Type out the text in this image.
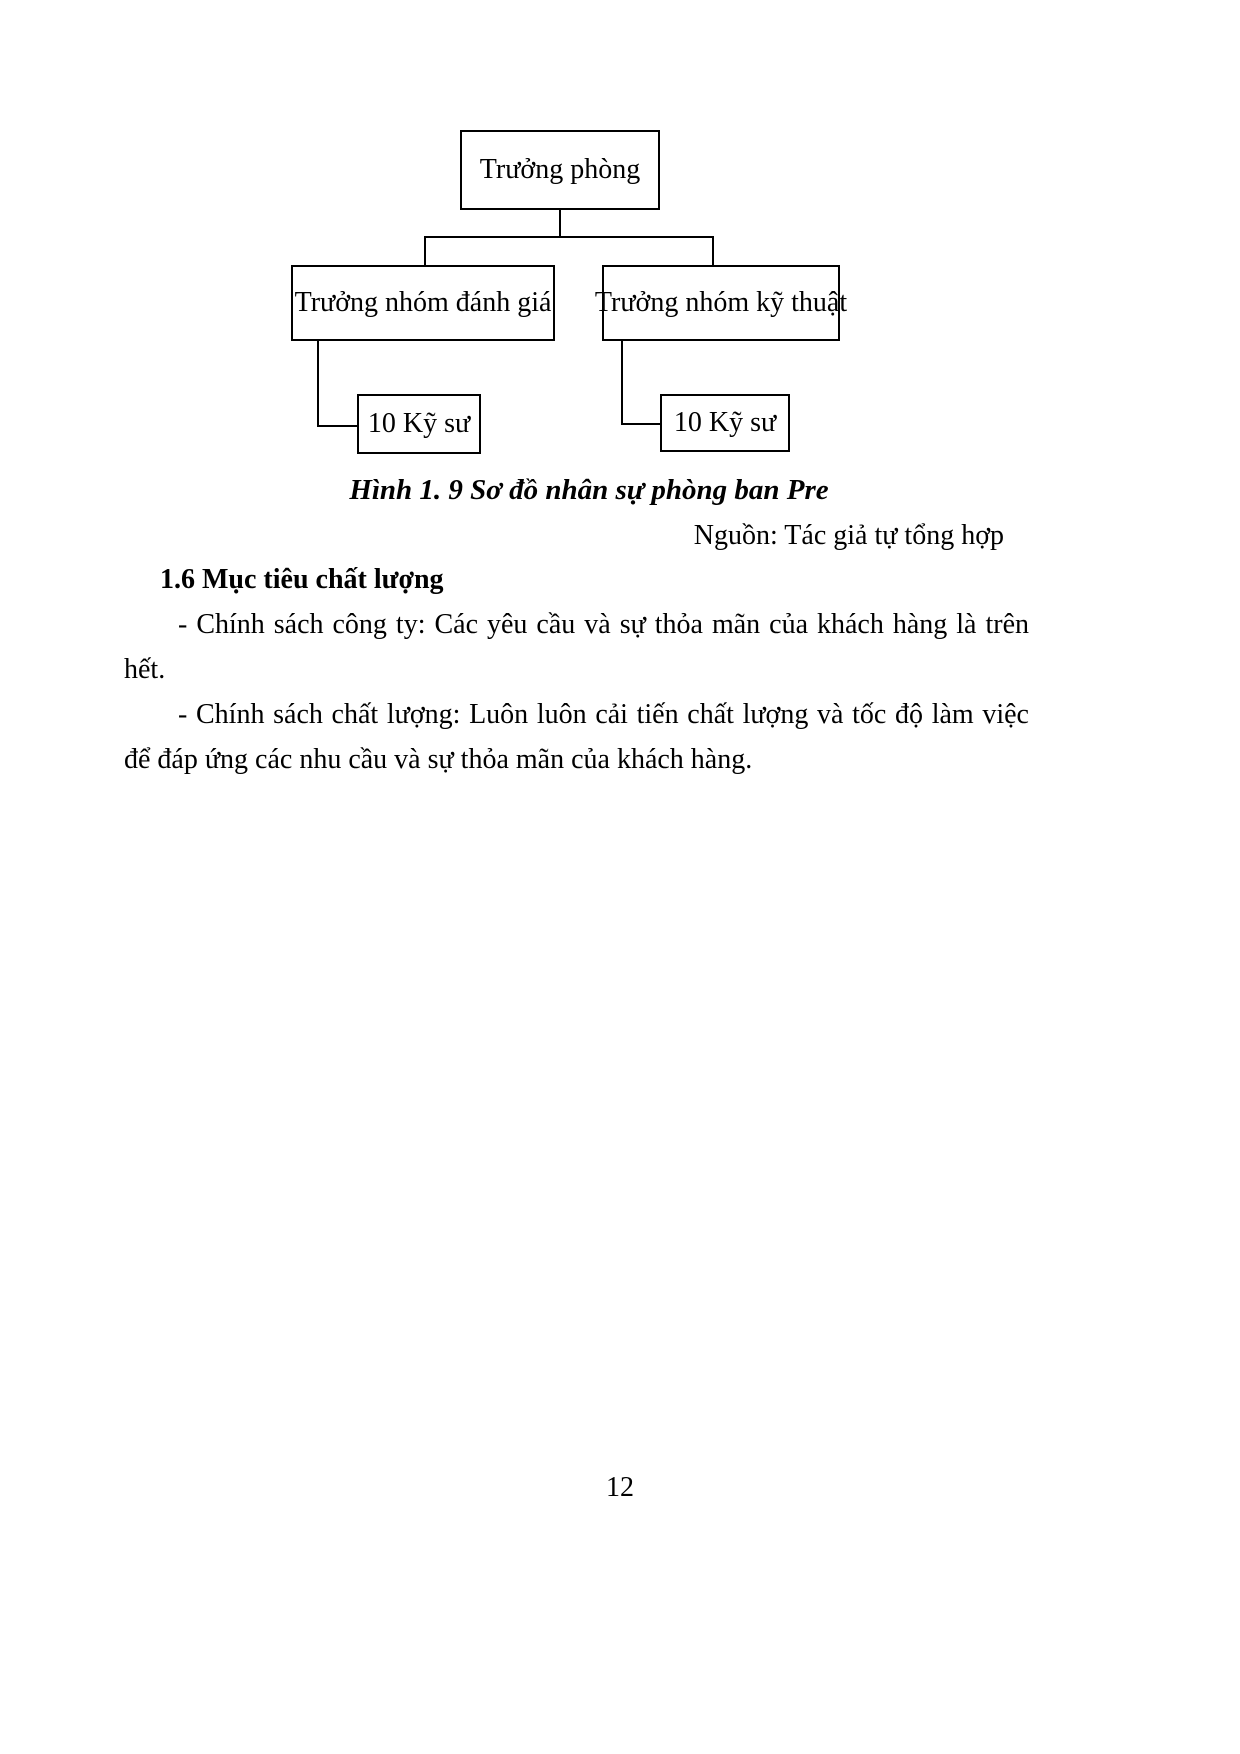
Trưởng phòng
Trưởng nhóm đánh giá Trưởng nhóm kỹ thuật
10 Kỹ sư	10 Kỹ sư
Hình 1. 9 Sơ đồ nhân sự phòng ban Pre
Nguồn: Tác giả tự tổng hợp
1.6 Mục tiêu chất lượng

- Chính sách công ty: Các yêu cầu và sự thỏa mãn của khách hàng là trên hết.

- Chính sách chất lượng: Luôn luôn cải tiến chất lượng và tốc độ làm việc để đáp ứng các nhu cầu và sự thỏa mãn của khách hàng.

12
